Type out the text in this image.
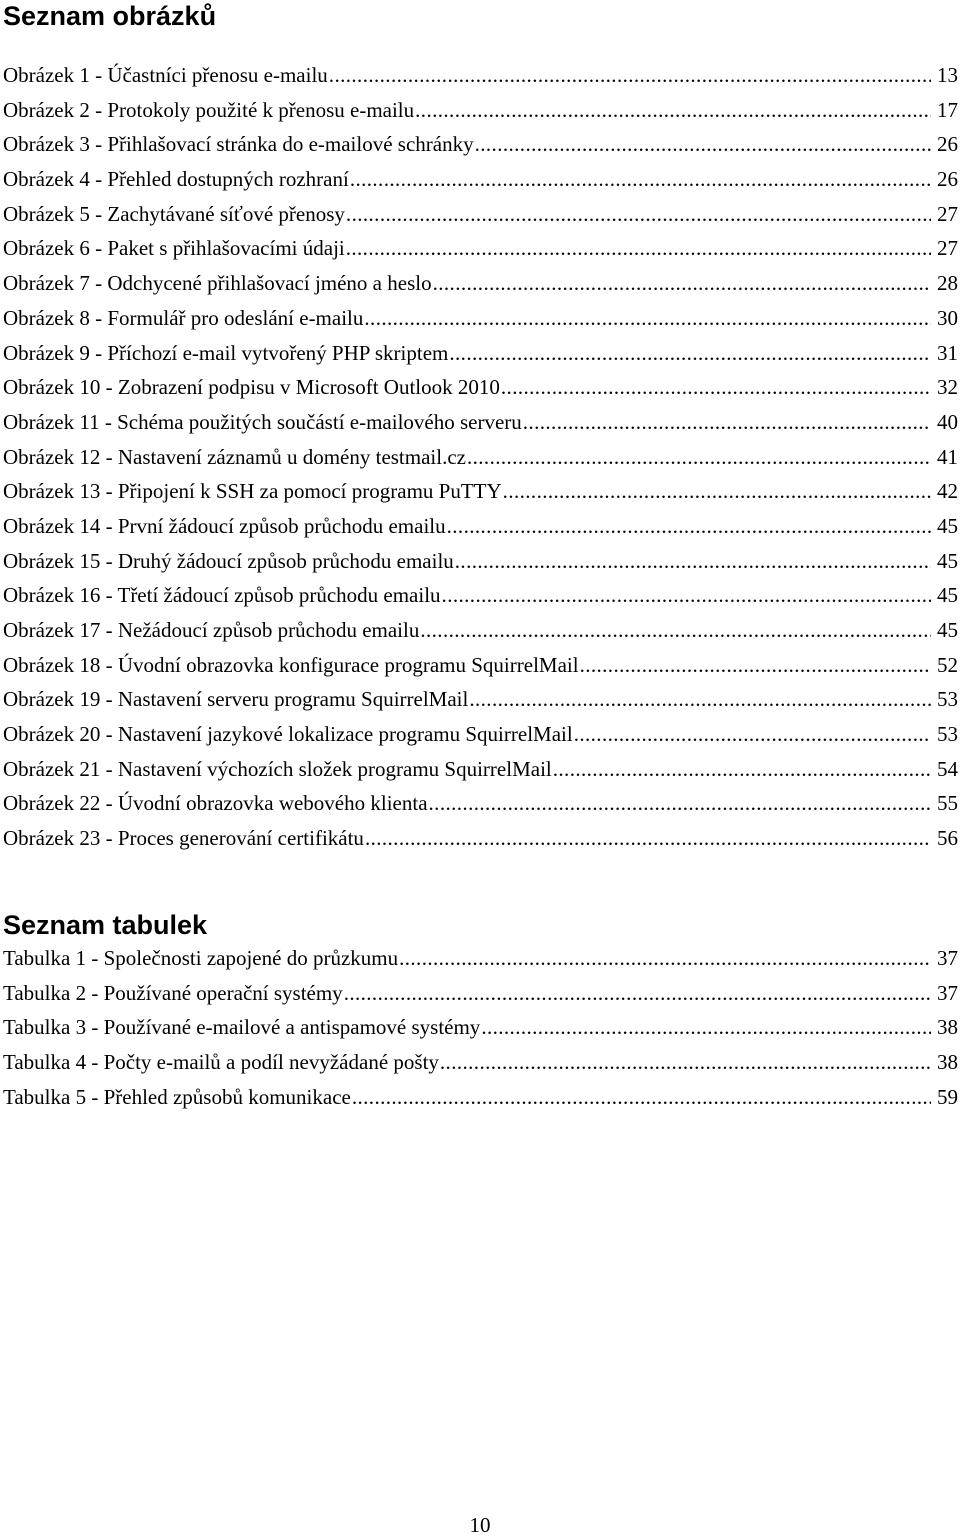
Seznam obrázků
Obrázek 1 - Účastníci přenosu e-mailu .....	13
Obrázek 2 - Protokoly použité k přenosu e-mailu .....	17
Obrázek 3 - Přihlašovací stránka do e-mailové schránky .....	26
Obrázek 4 - Přehled dostupných rozhraní .....	26
Obrázek 5 - Zachytávané síťové přenosy .....	27
Obrázek 6 - Paket s přihlašovacími údaji .....	27
Obrázek 7 - Odchycené přihlašovací jméno a heslo .....	28
Obrázek 8 - Formulář pro odeslání e-mailu .....	30
Obrázek 9 - Příchozí e-mail vytvořený PHP skriptem .....	31
Obrázek 10 - Zobrazení podpisu v Microsoft Outlook 2010 .....	32
Obrázek 11 - Schéma použitých součástí e-mailového serveru .....	40
Obrázek 12 - Nastavení záznamů u domény testmail.cz .....	41
Obrázek 13 - Připojení k SSH za pomocí programu PuTTY .....	42
Obrázek 14 - První žádoucí způsob průchodu emailu .....	45
Obrázek 15 - Druhý žádoucí způsob průchodu emailu .....	45
Obrázek 16 - Třetí žádoucí způsob průchodu emailu .....	45
Obrázek 17 - Nežádoucí způsob průchodu emailu .....	45
Obrázek 18 - Úvodní obrazovka konfigurace programu SquirrelMail .....	52
Obrázek 19 - Nastavení serveru programu SquirrelMail .....	53
Obrázek 20 - Nastavení jazykové lokalizace programu SquirrelMail .....	53
Obrázek 21 - Nastavení výchozích složek programu SquirrelMail .....	54
Obrázek 22 - Úvodní obrazovka webového klienta .....	55
Obrázek 23 - Proces generování certifikátu .....	56
Seznam tabulek
Tabulka 1 - Společnosti zapojené do průzkumu .....	37
Tabulka 2 - Používané operační systémy .....	37
Tabulka 3 - Používané e-mailové a antispamové systémy .....	38
Tabulka 4 - Počty e-mailů a podíl nevyžádané pošty .....	38
Tabulka 5 - Přehled způsobů komunikace .....	59
10
